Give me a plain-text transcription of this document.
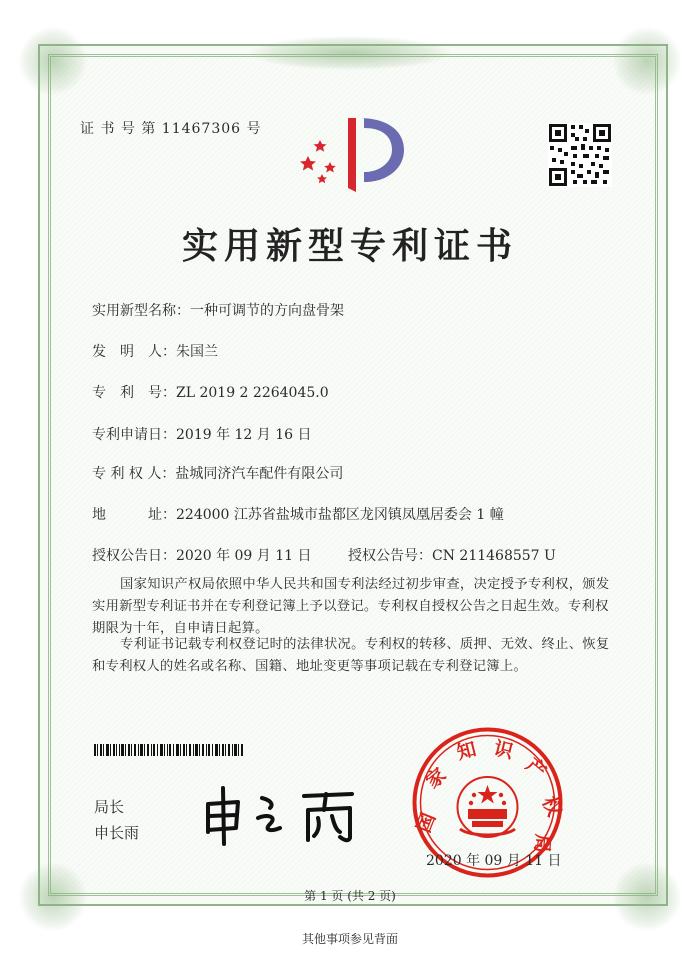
证 书 号 第 11467306 号
实用新型专利证书
实用新型名称：一种可调节的方向盘骨架
发　明　人：朱国兰
专　利　号：ZL 2019 2 2264045.0
专利申请日：2019 年 12 月 16 日
专 利 权 人：盐城同济汽车配件有限公司
地	址：224000 江苏省盐城市盐都区龙冈镇凤凰居委会 1 幢
授权公告日：2020 年 09 月 11 日	授权公告号：CN 211468557 U
国家知识产权局依照中华人民共和国专利法经过初步审查，决定授予专利权，颁发实用新型专利证书并在专利登记簿上予以登记。专利权自授权公告之日起生效。专利权期限为十年，自申请日起算。
专利证书记载专利权登记时的法律状况。专利权的转移、质押、无效、终止、恢复和专利权人的姓名或名称、国籍、地址变更等事项记载在专利登记簿上。
局长
申长雨	国
家
知 识
产
权
局
2020 年 09 月 11 日
第 1 页 (共 2 页)
其他事项参见背面
